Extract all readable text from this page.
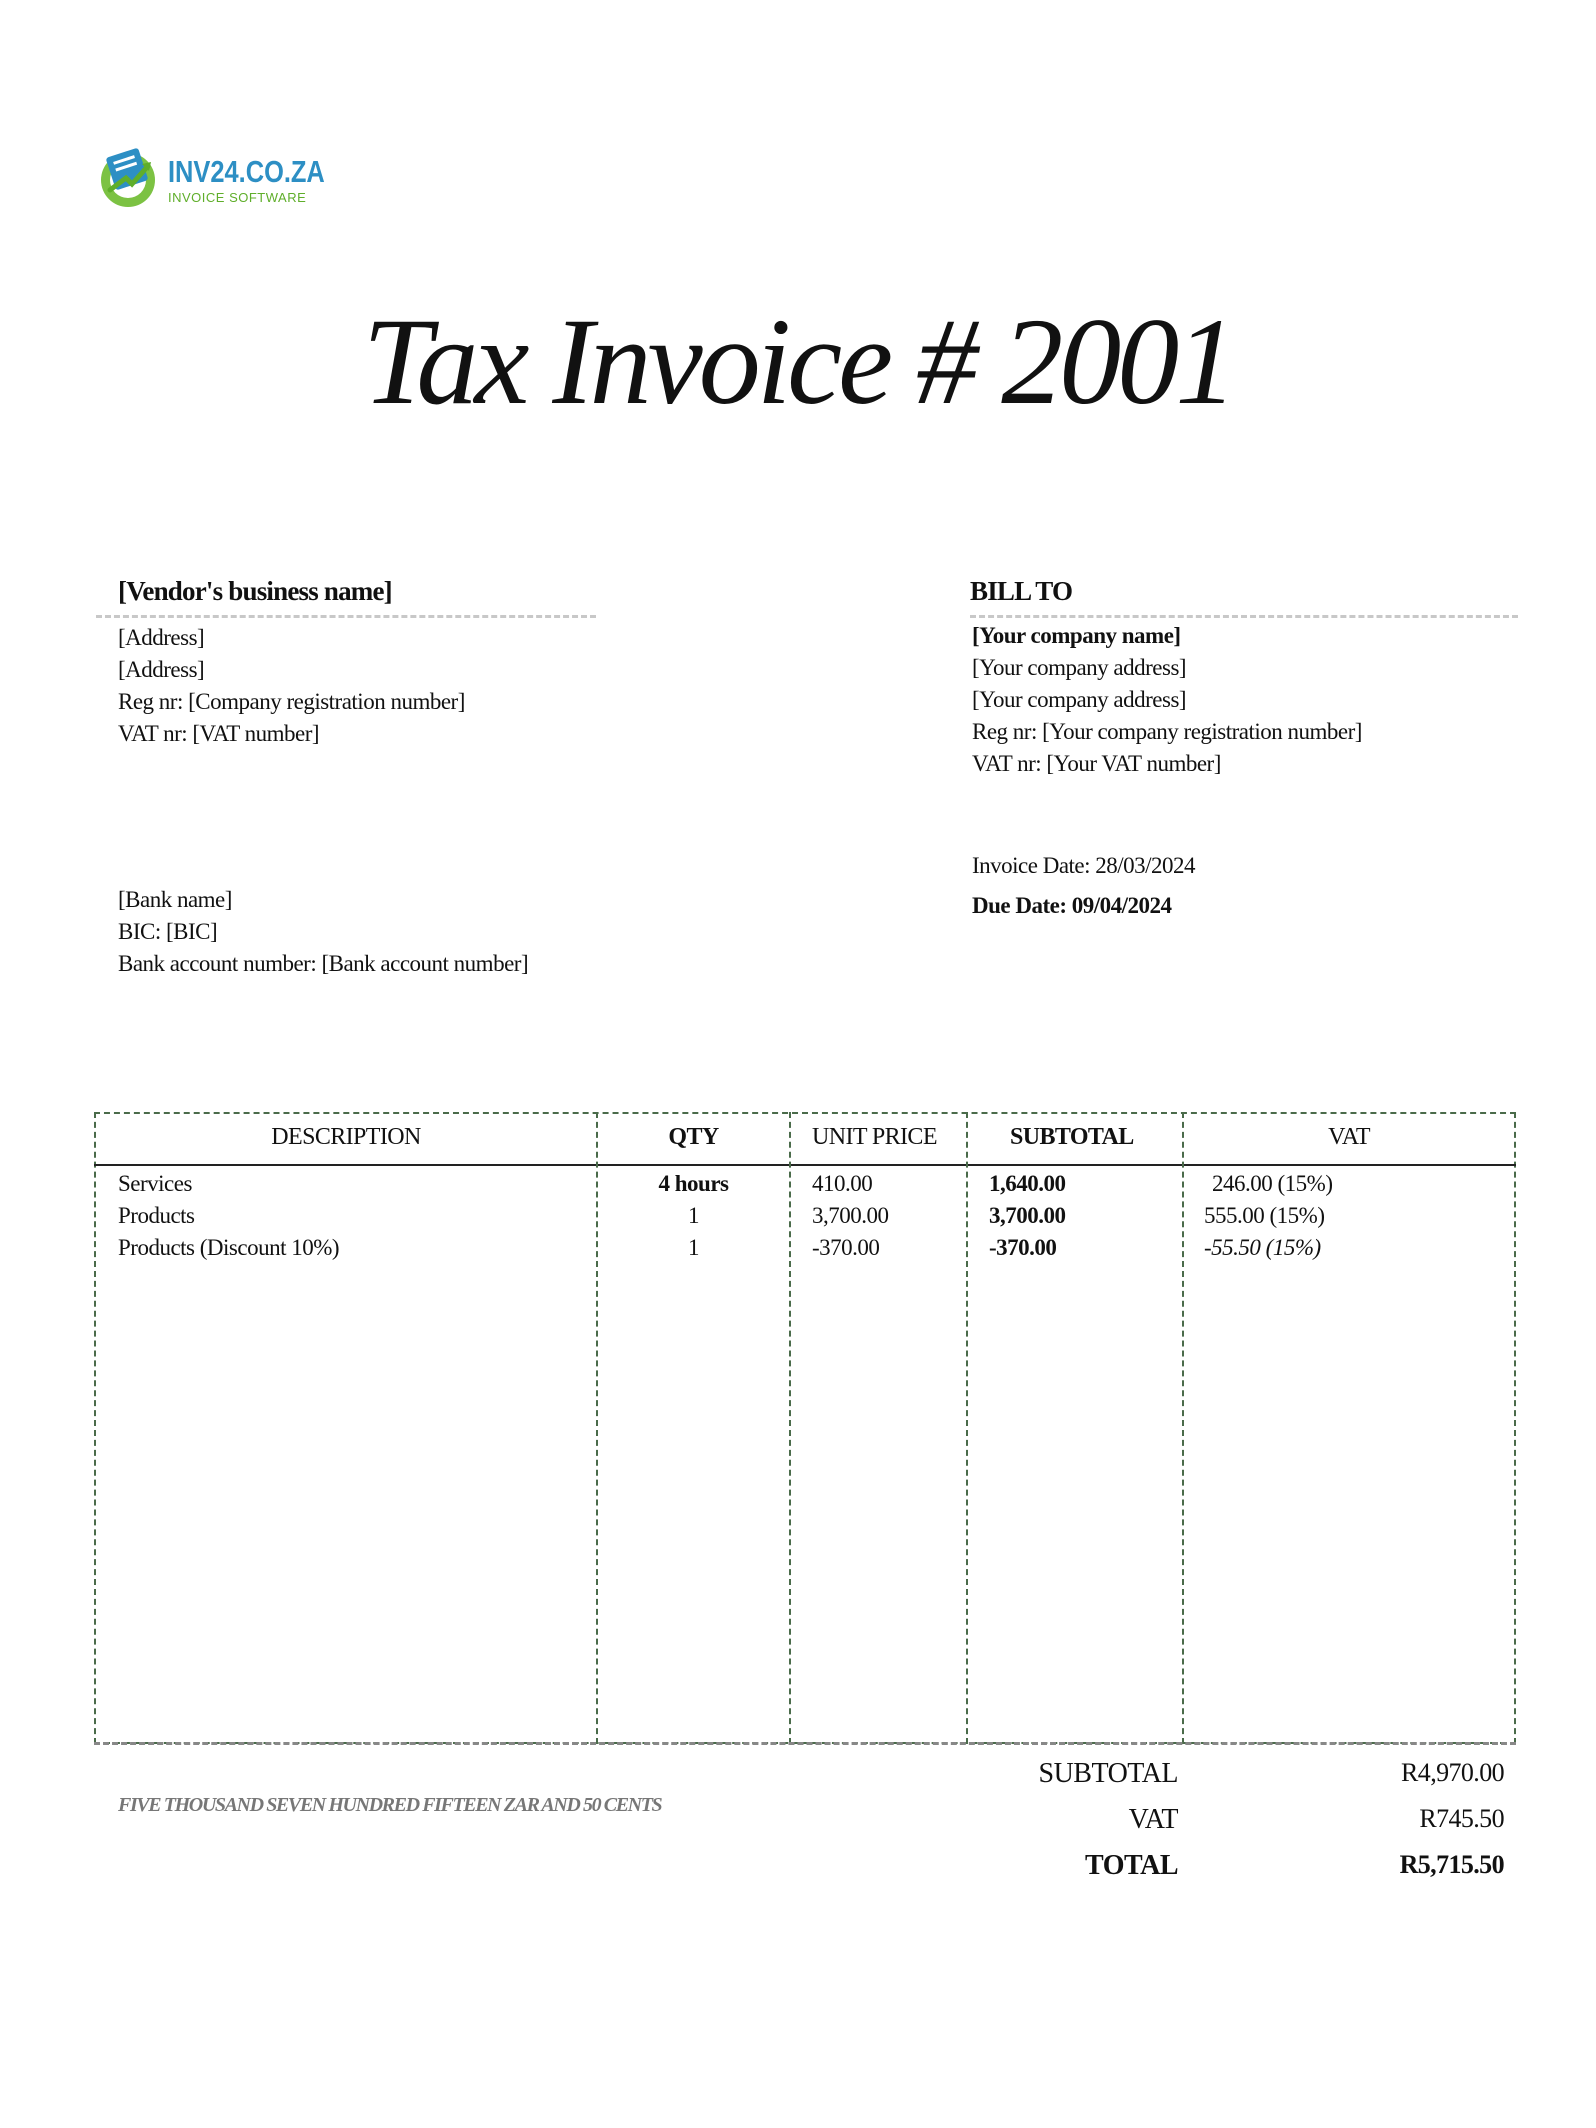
INV24.CO.ZA
INVOICE SOFTWARE
Tax Invoice # 2001
[Vendor's business name]
[Address]
[Address]
Reg nr: [Company registration number]
VAT nr: [VAT number]
[Bank name]
BIC: [BIC]
Bank account number: [Bank account number]
BILL TO
[Your company name]
[Your company address]
[Your company address]
Reg nr: [Your company registration number]
VAT nr: [Your VAT number]
Invoice Date: 28/03/2024
Due Date: 09/04/2024
DESCRIPTION	QTY	UNIT PRICE	SUBTOTAL	VAT
Services	4 hours	410.00	1,640.00	246.00 (15%)
Products	1	3,700.00	3,700.00	555.00 (15%)
Products (Discount 10%)	1	-370.00	-370.00	-55.50 (15%)
FIVE THOUSAND SEVEN HUNDRED FIFTEEN ZAR AND 50 CENTS
SUBTOTAL	R4,970.00
VAT	R745.50
TOTAL	R5,715.50
